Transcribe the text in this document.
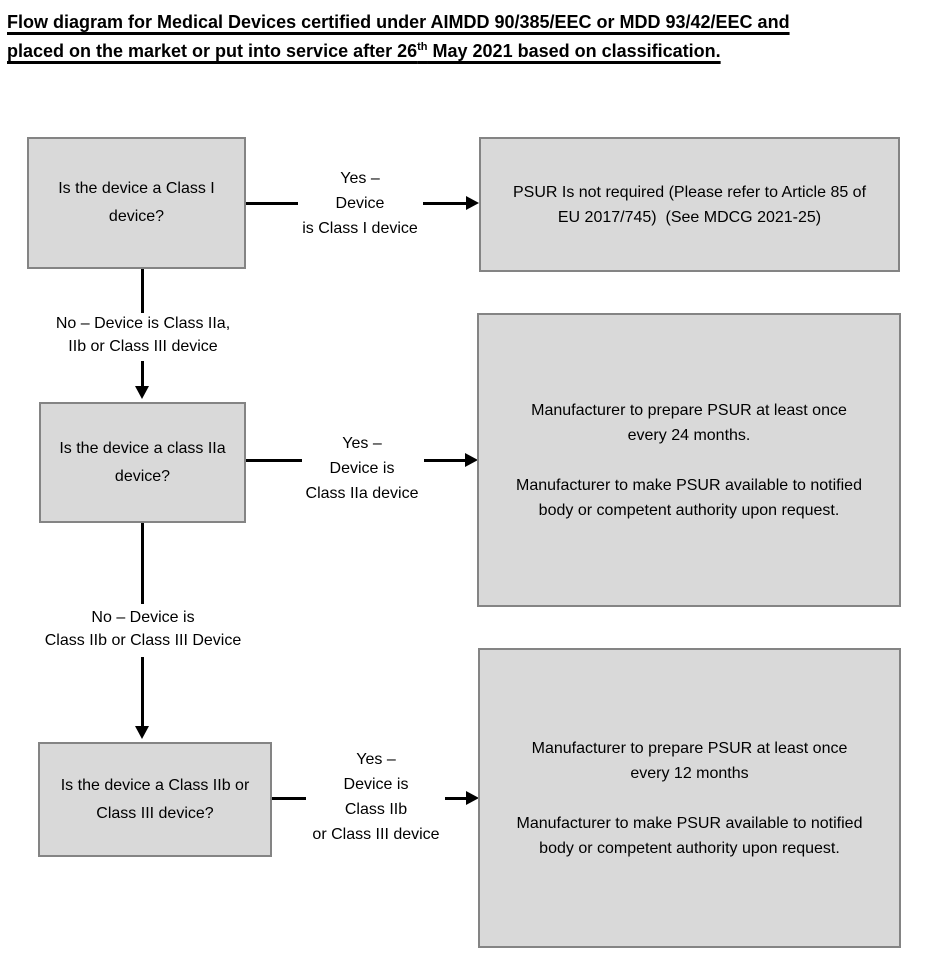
Flow diagram for Medical Devices certified under AIMDD 90/385/EEC or MDD 93/42/EEC and
placed on the market or put into service after 26th May 2021 based on classification.
Is the device a Class I
device?
Yes –
Device
is Class I device
PSUR Is not required (Please refer to Article 85 of
EU 2017/745)  (See MDCG 2021-25)
No – Device is Class IIa,
IIb or Class III device
Is the device a class IIa
device?
Yes –
Device is
Class IIa device
Manufacturer to prepare PSUR at least once
every 24 months.
Manufacturer to make PSUR available to notified
body or competent authority upon request.
No – Device is
Class IIb or Class III Device
Is the device a Class IIb or
Class III device?
Yes –
Device is
Class IIb
or Class III device
Manufacturer to prepare PSUR at least once
every 12 months
Manufacturer to make PSUR available to notified
body or competent authority upon request.
